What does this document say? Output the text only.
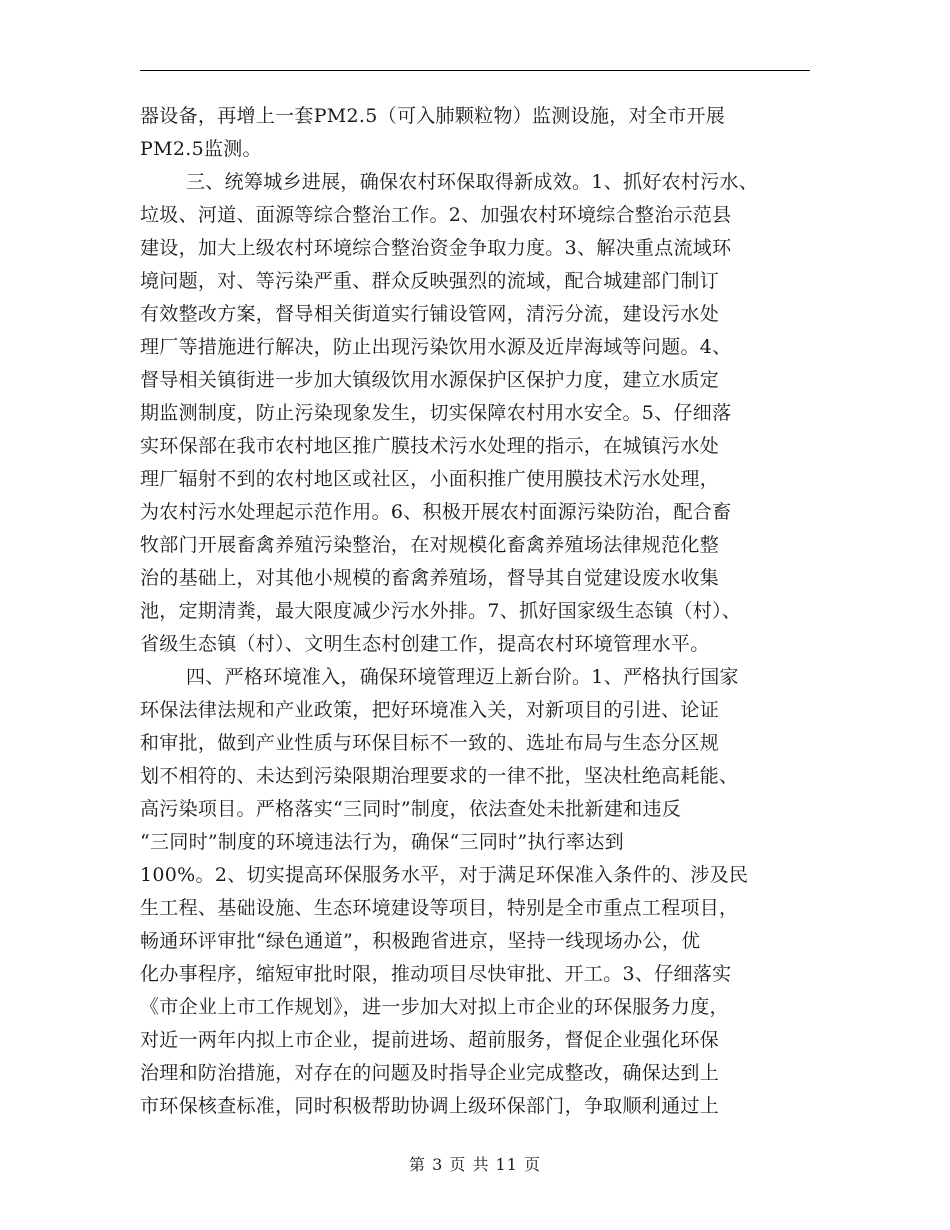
器设备，再增上一套PM2.5（可入肺颗粒物）监测设施，对全市开展
PM2.5监测。
三、统筹城乡进展，确保农村环保取得新成效。1、抓好农村污水、
垃圾、河道、面源等综合整治工作。2、加强农村环境综合整治示范县
建设，加大上级农村环境综合整治资金争取力度。3、解决重点流域环
境问题，对、等污染严重、群众反映强烈的流域，配合城建部门制订
有效整改方案，督导相关街道实行铺设管网，清污分流，建设污水处
理厂等措施进行解决，防止出现污染饮用水源及近岸海域等问题。4、
督导相关镇街进一步加大镇级饮用水源保护区保护力度，建立水质定
期监测制度，防止污染现象发生，切实保障农村用水安全。5、仔细落
实环保部在我市农村地区推广膜技术污水处理的指示，在城镇污水处
理厂辐射不到的农村地区或社区，小面积推广使用膜技术污水处理，
为农村污水处理起示范作用。6、积极开展农村面源污染防治，配合畜
牧部门开展畜禽养殖污染整治，在对规模化畜禽养殖场法律规范化整
治的基础上，对其他小规模的畜禽养殖场，督导其自觉建设废水收集
池，定期清粪，最大限度减少污水外排。7、抓好国家级生态镇（村）、
省级生态镇（村）、文明生态村创建工作，提高农村环境管理水平。
四、严格环境准入，确保环境管理迈上新台阶。1、严格执行国家
环保法律法规和产业政策，把好环境准入关，对新项目的引进、论证
和审批，做到产业性质与环保目标不一致的、选址布局与生态分区规
划不相符的、未达到污染限期治理要求的一律不批，坚决杜绝高耗能、
高污染项目。严格落实“三同时”制度，依法查处未批新建和违反
“三同时”制度的环境违法行为，确保“三同时”执行率达到
100%。2、切实提高环保服务水平，对于满足环保准入条件的、涉及民
生工程、基础设施、生态环境建设等项目，特别是全市重点工程项目，
畅通环评审批“绿色通道”，积极跑省进京，坚持一线现场办公，优
化办事程序，缩短审批时限，推动项目尽快审批、开工。3、仔细落实
《市企业上市工作规划》，进一步加大对拟上市企业的环保服务力度，
对近一两年内拟上市企业，提前进场、超前服务，督促企业强化环保
治理和防治措施，对存在的问题及时指导企业完成整改，确保达到上
市环保核查标准，同时积极帮助协调上级环保部门，争取顺利通过上
第 3 页 共 11 页
